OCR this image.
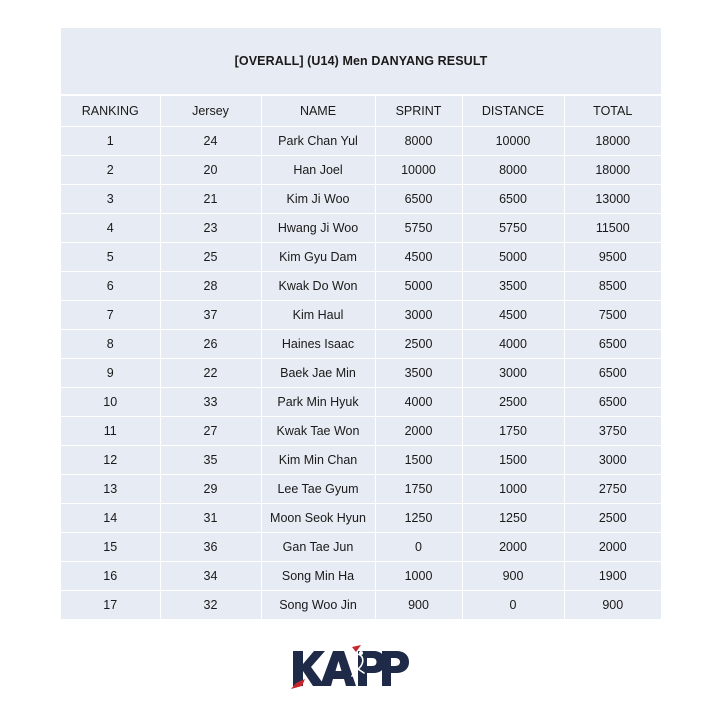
[OVERALL] (U14) Men DANYANG RESULT
RANKING	Jersey	NAME	SPRINT	DISTANCE	TOTAL
1	24	Park Chan Yul	8000	10000	18000
2	20	Han Joel	10000	8000	18000
3	21	Kim Ji Woo	6500	6500	13000
4	23	Hwang Ji Woo	5750	5750	11500
5	25	Kim Gyu Dam	4500	5000	9500
6	28	Kwak Do Won	5000	3500	8500
7	37	Kim Haul	3000	4500	7500
8	26	Haines Isaac	2500	4000	6500
9	22	Baek Jae Min	3500	3000	6500
10	33	Park Min Hyuk	4000	2500	6500
11	27	Kwak Tae Won	2000	1750	3750
12	35	Kim Min Chan	1500	1500	3000
13	29	Lee Tae Gyum	1750	1000	2750
14	31	Moon Seok Hyun	1250	1250	2500
15	36	Gan Tae Jun	0	2000	2000
16	34	Song Min Ha	1000	900	1900
17	32	Song Woo Jin	900	0	900
